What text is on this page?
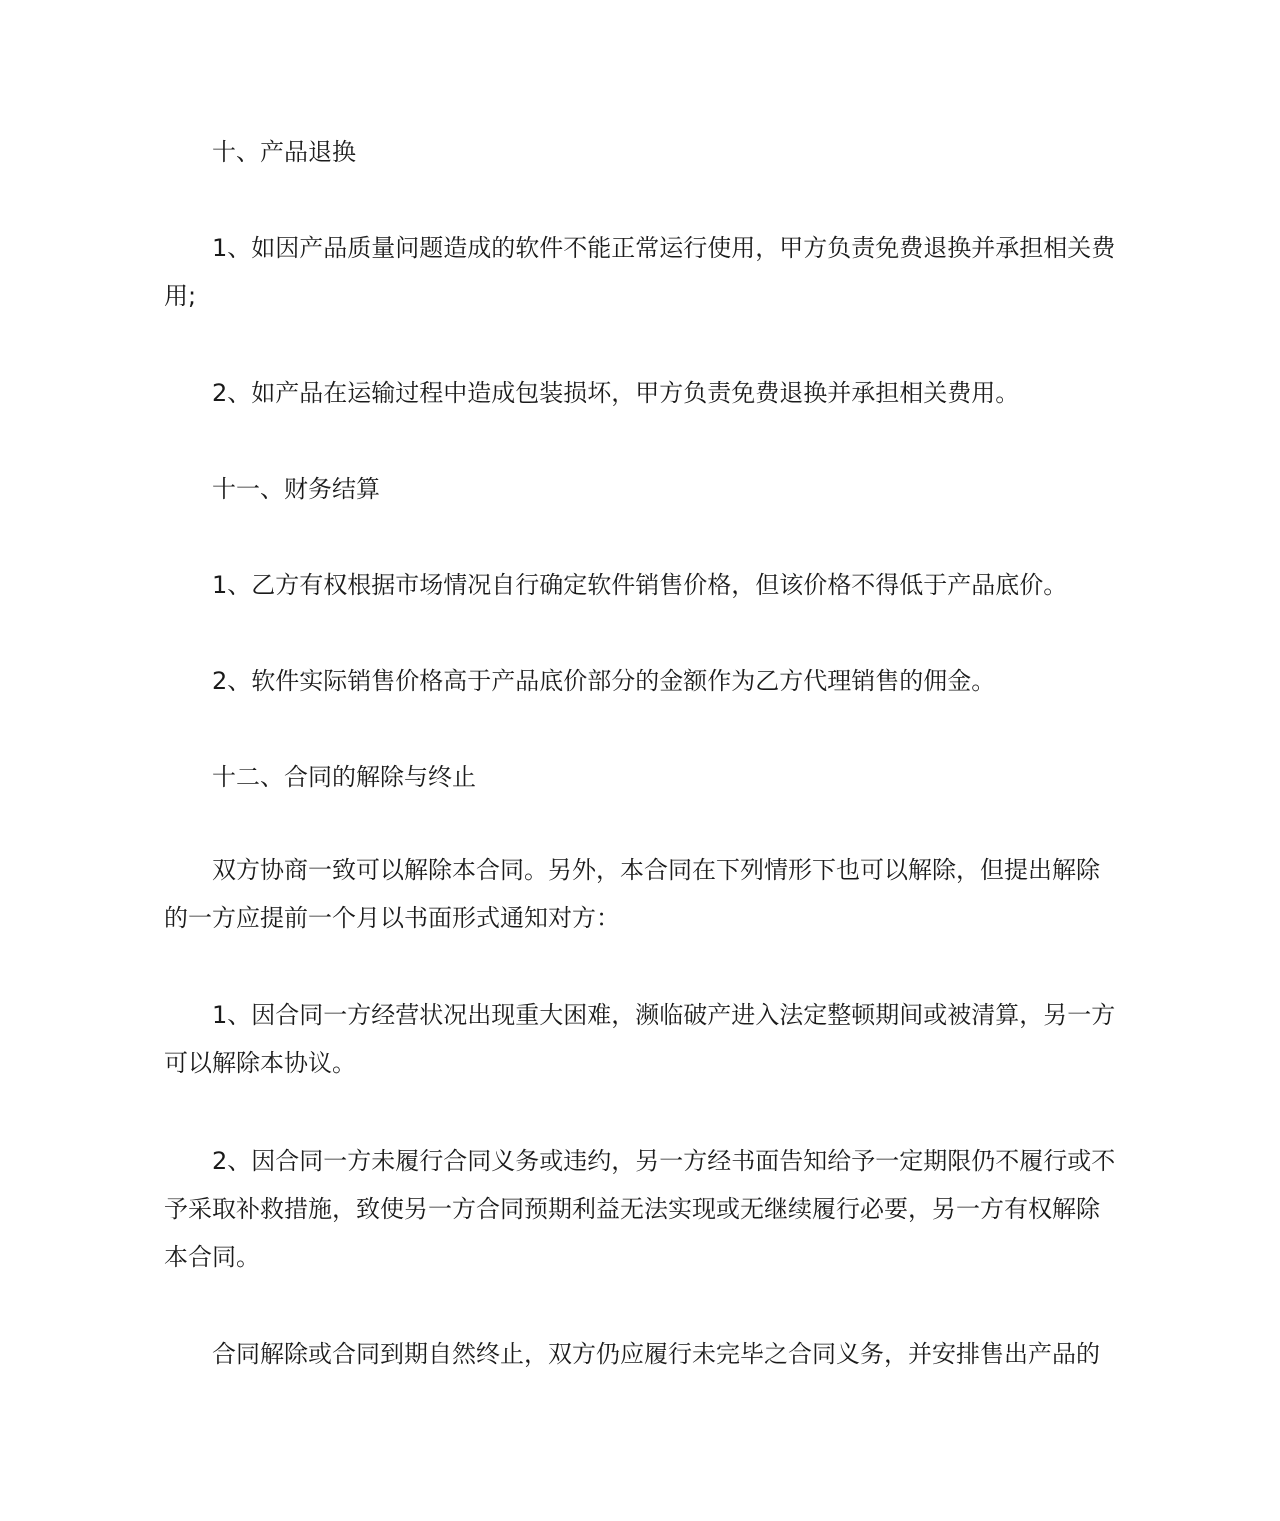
十、产品退换

1、如因产品质量问题造成的软件不能正常运行使用，甲方负责免费退换并承担相关费用;

2、如产品在运输过程中造成包装损坏，甲方负责免费退换并承担相关费用。

十一、财务结算

1、乙方有权根据市场情况自行确定软件销售价格，但该价格不得低于产品底价。

2、软件实际销售价格高于产品底价部分的金额作为乙方代理销售的佣金。

十二、合同的解除与终止

双方协商一致可以解除本合同。另外，本合同在下列情形下也可以解除，但提出解除的一方应提前一个月以书面形式通知对方：

1、因合同一方经营状况出现重大困难，濒临破产进入法定整顿期间或被清算，另一方可以解除本协议。

2、因合同一方未履行合同义务或违约，另一方经书面告知给予一定期限仍不履行或不予采取补救措施，致使另一方合同预期利益无法实现或无继续履行必要，另一方有权解除本合同。

合同解除或合同到期自然终止，双方仍应履行未完毕之合同义务，并安排售出产品的
